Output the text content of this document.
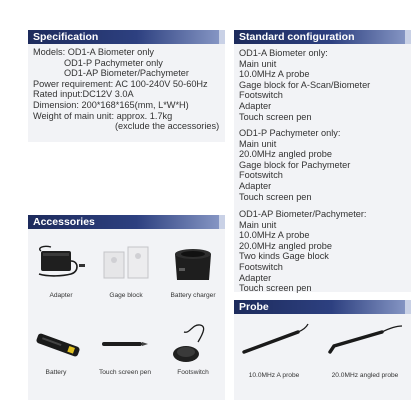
Specification
Models: OD1-A Biometer only
OD1-P Pachymeter only
OD1-AP Biometer/Pachymeter
Power requirement: AC 100-240V 50-60Hz
Rated input:DC12V 3.0A
Dimension: 200*168*165(mm, L*W*H)
Weight of main unit: approx. 1.7kg
(exclude the accessories)
Standard configuration
OD1-A Biometer only:
Main unit
10.0MHz A probe
Gage block for A-Scan/Biometer
Footswitch
Adapter
Touch screen pen
OD1-P Pachymeter only:
Main unit
20.0MHz angled probe
Gage block for Pachymeter
Footswitch
Adapter
Touch screen pen
OD1-AP Biometer/Pachymeter:
Main unit
10.0MHz A probe
20.0MHz angled probe
Two kinds Gage block
Footswitch
Adapter
Touch screen pen
Accessories
Adapter	Gage block	Battery charger
Battery	Touch screen pen	Footswitch
Probe
10.0MHz A probe	20.0MHz angled probe
